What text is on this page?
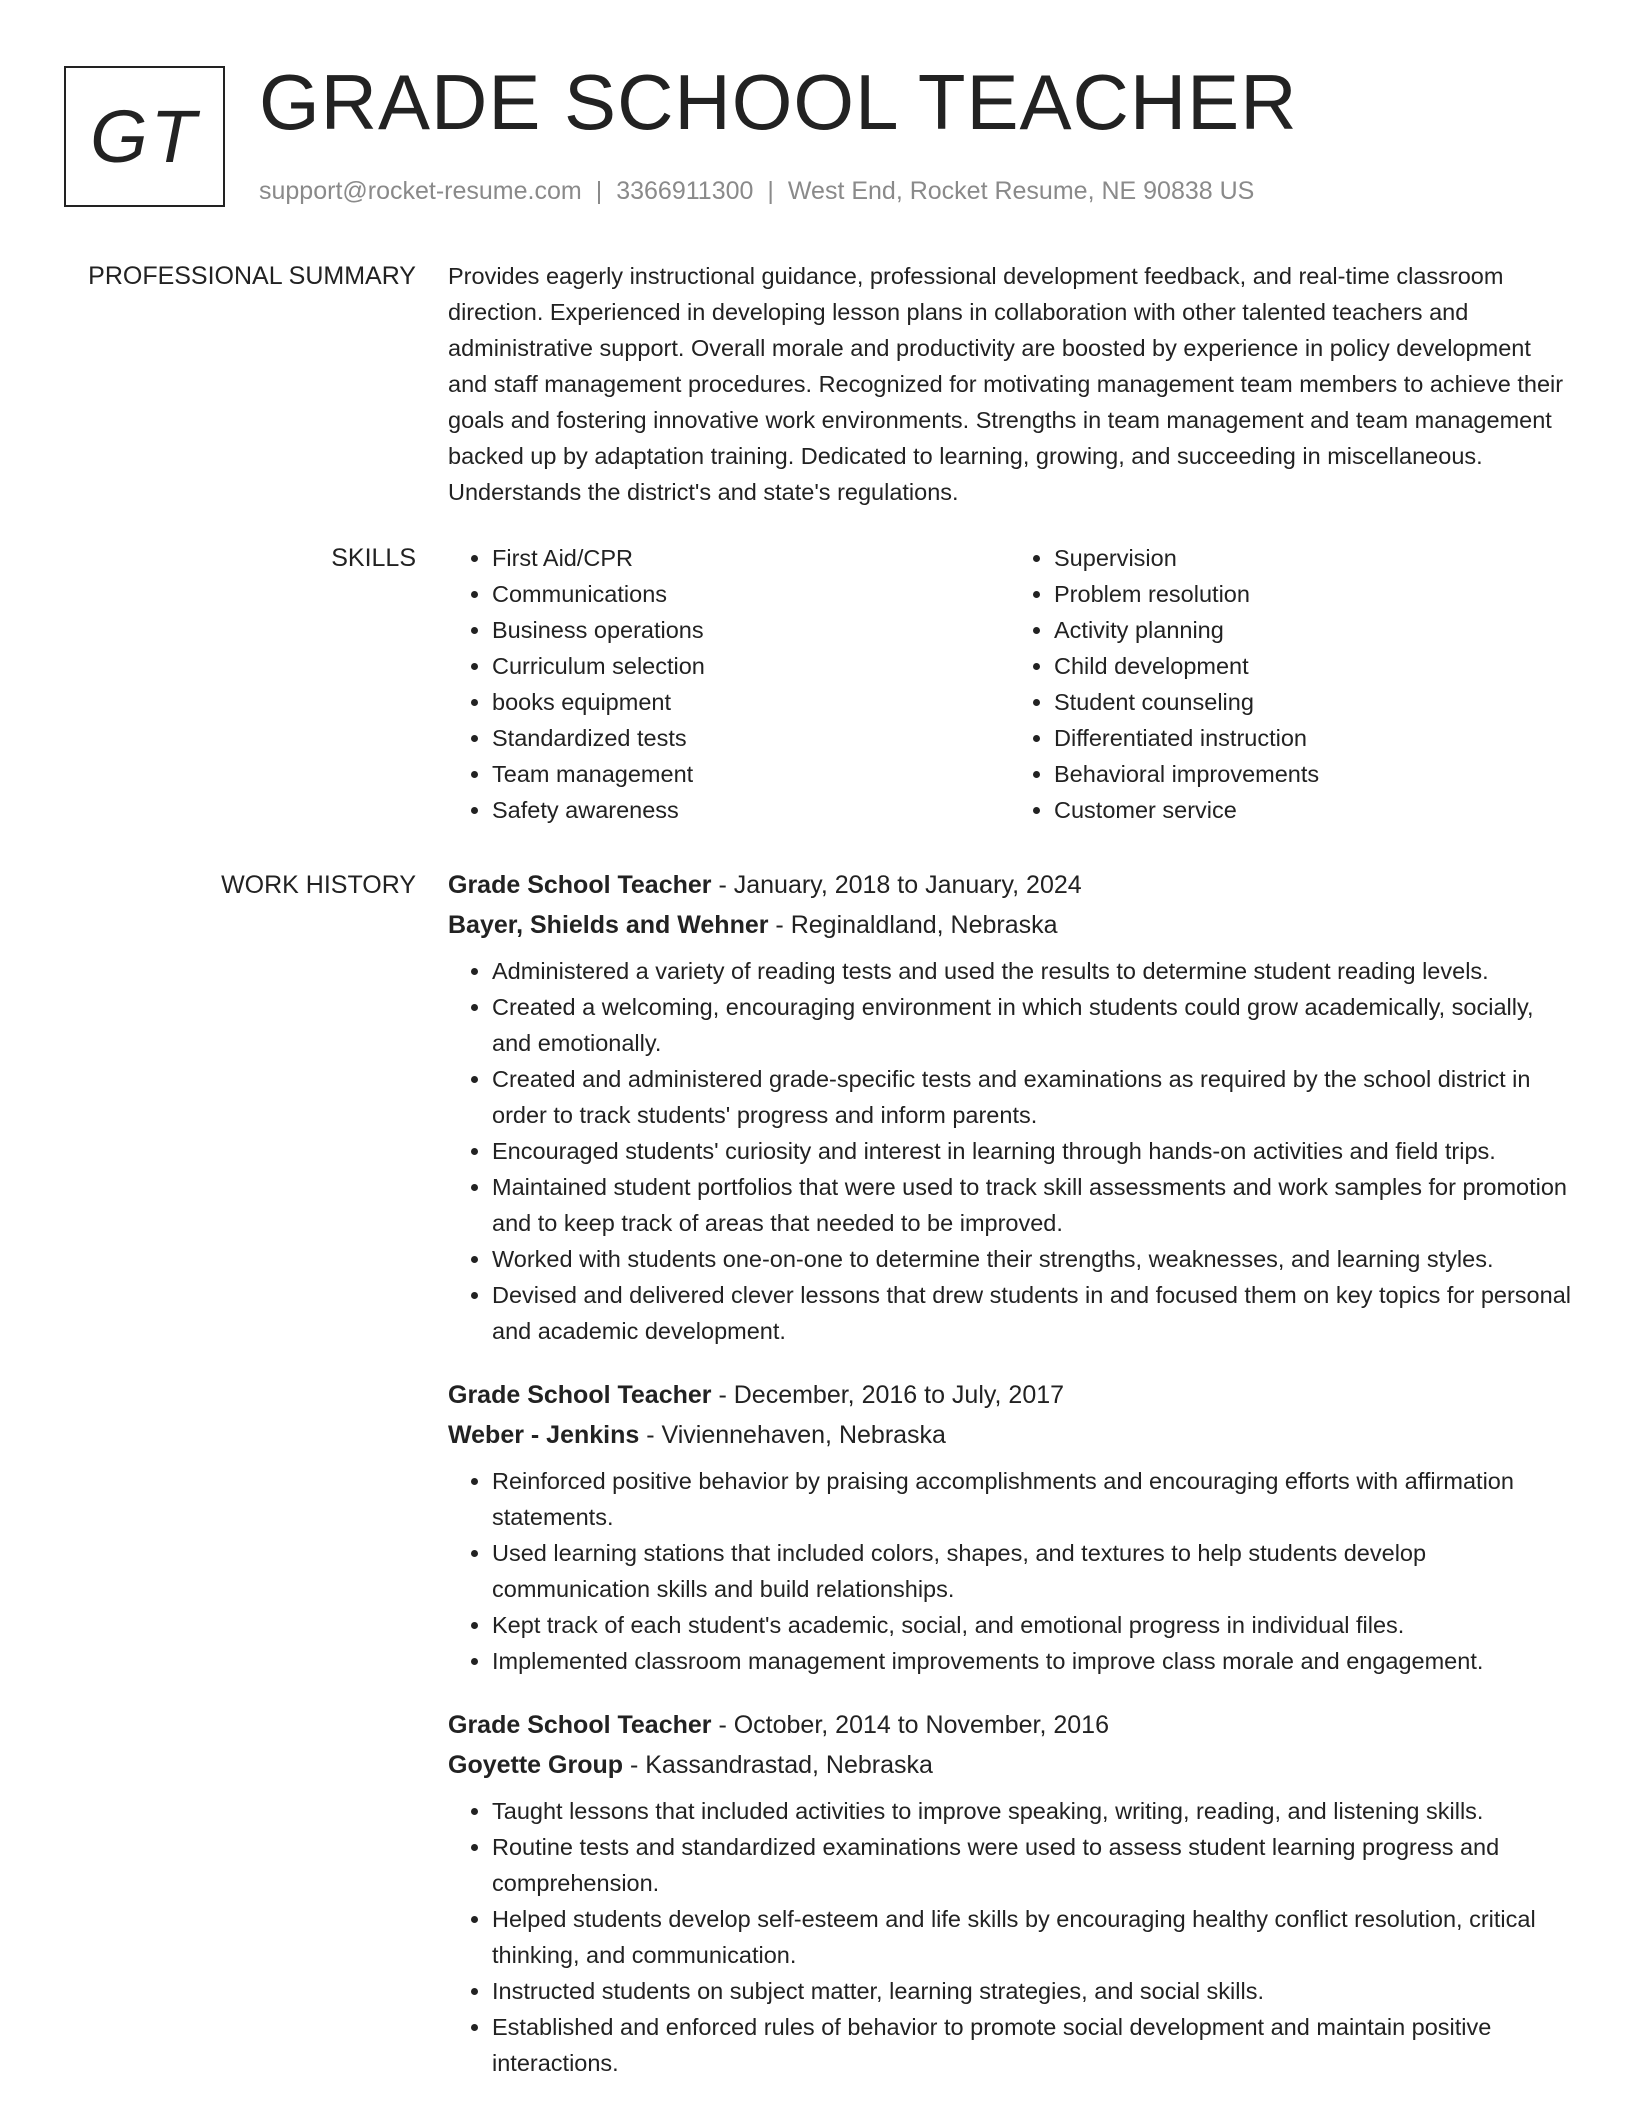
GT GRADE SCHOOL TEACHER
support@rocket-resume.com | 3366911300 | West End, Rocket Resume, NE 90838 US
PROFESSIONAL SUMMARY Provides eagerly instructional guidance, professional development feedback, and real-time classroom direction. Experienced in developing lesson plans in collaboration with other talented teachers and administrative support. Overall morale and productivity are boosted by experience in policy development and staff management procedures. Recognized for motivating management team members to achieve their goals and fostering innovative work environments. Strengths in team management and team management backed up by adaptation training. Dedicated to learning, growing, and succeeding in miscellaneous. Understands the district's and state's regulations.

SKILLS
•	First Aid/CPR
• Communications
• Business operations
• Curriculum selection
• books equipment
• Standardized tests
• Team management
• Safety awareness
• Supervision
• Problem resolution
• Activity planning
• Child development
• Student counseling
• Differentiated instruction
• Behavioral improvements
• Customer service
WORK HISTORY Grade School Teacher - January, 2018 to January, 2024
Bayer, Shields and Wehner - Reginaldland, Nebraska
• Administered a variety of reading tests and used the results to determine student reading levels.
• Created a welcoming, encouraging environment in which students could grow academically, socially, and emotionally.
• Created and administered grade-specific tests and examinations as required by the school district in order to track students' progress and inform parents.
• Encouraged students' curiosity and interest in learning through hands-on activities and field trips.
• Maintained student portfolios that were used to track skill assessments and work samples for promotion and to keep track of areas that needed to be improved.
• Worked with students one-on-one to determine their strengths, weaknesses, and learning styles.
• Devised and delivered clever lessons that drew students in and focused them on key topics for personal and academic development.
Grade School Teacher - December, 2016 to July, 2017
Weber - Jenkins - Viviennehaven, Nebraska
• Reinforced positive behavior by praising accomplishments and encouraging efforts with affirmation statements.
• Used learning stations that included colors, shapes, and textures to help students develop communication skills and build relationships.
• Kept track of each student's academic, social, and emotional progress in individual files.
• Implemented classroom management improvements to improve class morale and engagement.
Grade School Teacher - October, 2014 to November, 2016
Goyette Group - Kassandrastad, Nebraska
• Taught lessons that included activities to improve speaking, writing, reading, and listening skills.
• Routine tests and standardized examinations were used to assess student learning progress and comprehension.
• Helped students develop self-esteem and life skills by encouraging healthy conflict resolution, critical thinking, and communication.
• Instructed students on subject matter, learning strategies, and social skills.
• Established and enforced rules of behavior to promote social development and maintain positive interactions.
